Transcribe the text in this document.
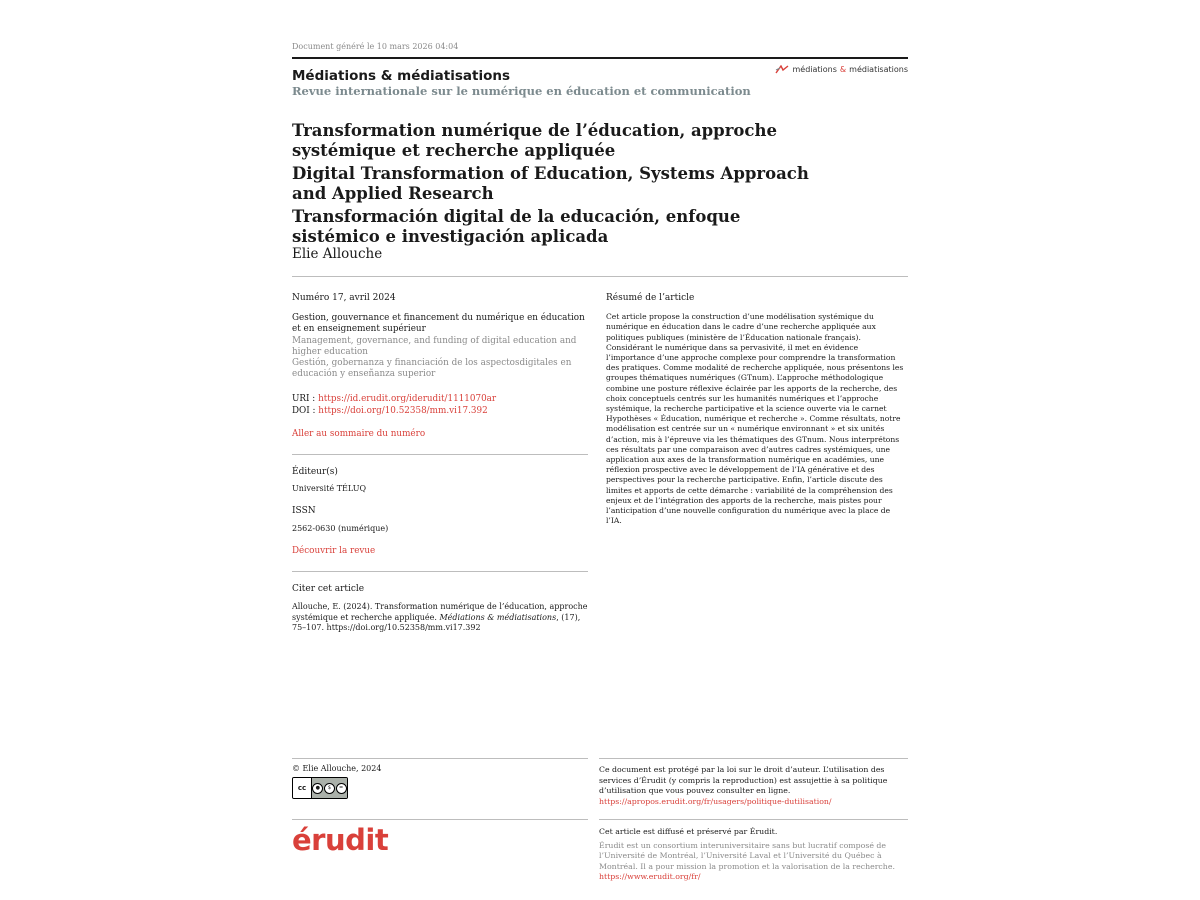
Document généré le 10 mars 2026 04:04
Médiations & médiatisations
Revue internationale sur le numérique en éducation et communication
médiations & médiatisations
Transformation numérique de l’éducation, approche systémique et recherche appliquée
Digital Transformation of Education, Systems Approach and Applied Research
Transformación digital de la educación, enfoque sistémico e investigación aplicada
Elie Allouche
Numéro 17, avril 2024
Gestion, gouvernance et financement du numérique en éducation et en enseignement supérieur
Management, governance, and funding of digital education and higher education
Gestión, gobernanza y financiación de los aspectosdigitales en educación y enseñanza superior
URI : https://id.erudit.org/iderudit/1111070ar
DOI : https://doi.org/10.52358/mm.vi17.392
Aller au sommaire du numéro
Éditeur(s)
Université TÉLUQ
ISSN
2562-0630 (numérique)
Découvrir la revue
Citer cet article
Allouche, E. (2024). Transformation numérique de l’éducation, approche systémique et recherche appliquée. Médiations & médiatisations, (17), 75–107. https://doi.org/10.52358/mm.vi17.392
Résumé de l’article
Cet article propose la construction d’une modélisation systémique du numérique en éducation dans le cadre d’une recherche appliquée aux politiques publiques (ministère de l’Éducation nationale français). Considérant le numérique dans sa pervasivité, il met en évidence l’importance d’une approche complexe pour comprendre la transformation des pratiques. Comme modalité de recherche appliquée, nous présentons les groupes thématiques numériques (GTnum). L’approche méthodologique combine une posture réflexive éclairée par les apports de la recherche, des choix conceptuels centrés sur les humanités numériques et l’approche systémique, la recherche participative et la science ouverte via le carnet Hypothèses « Éducation, numérique et recherche ». Comme résultats, notre modélisation est centrée sur un « numérique environnant » et six unités d’action, mis à l’épreuve via les thématiques des GTnum. Nous interprétons ces résultats par une comparaison avec d’autres cadres systémiques, une application aux axes de la transformation numérique en académies, une réflexion prospective avec le développement de l’IA générative et des perspectives pour la recherche participative. Enfin, l’article discute des limites et apports de cette démarche : variabilité de la compréhension des enjeux et de l’intégration des apports de la recherche, mais pistes pour l’anticipation d’une nouvelle configuration du numérique avec la place de l’IA.
© Elie Allouche, 2024
cc	●	$	=
Ce document est protégé par la loi sur le droit d’auteur. L’utilisation des services d’Érudit (y compris la reproduction) est assujettie à sa politique d’utilisation que vous pouvez consulter en ligne.
https://apropos.erudit.org/fr/usagers/politique-dutilisation/
érudit	Cet article est diffusé et préservé par Érudit.
Érudit est un consortium interuniversitaire sans but lucratif composé de l’Université de Montréal, l’Université Laval et l’Université du Québec à Montréal. Il a pour mission la promotion et la valorisation de la recherche.
https://www.erudit.org/fr/
